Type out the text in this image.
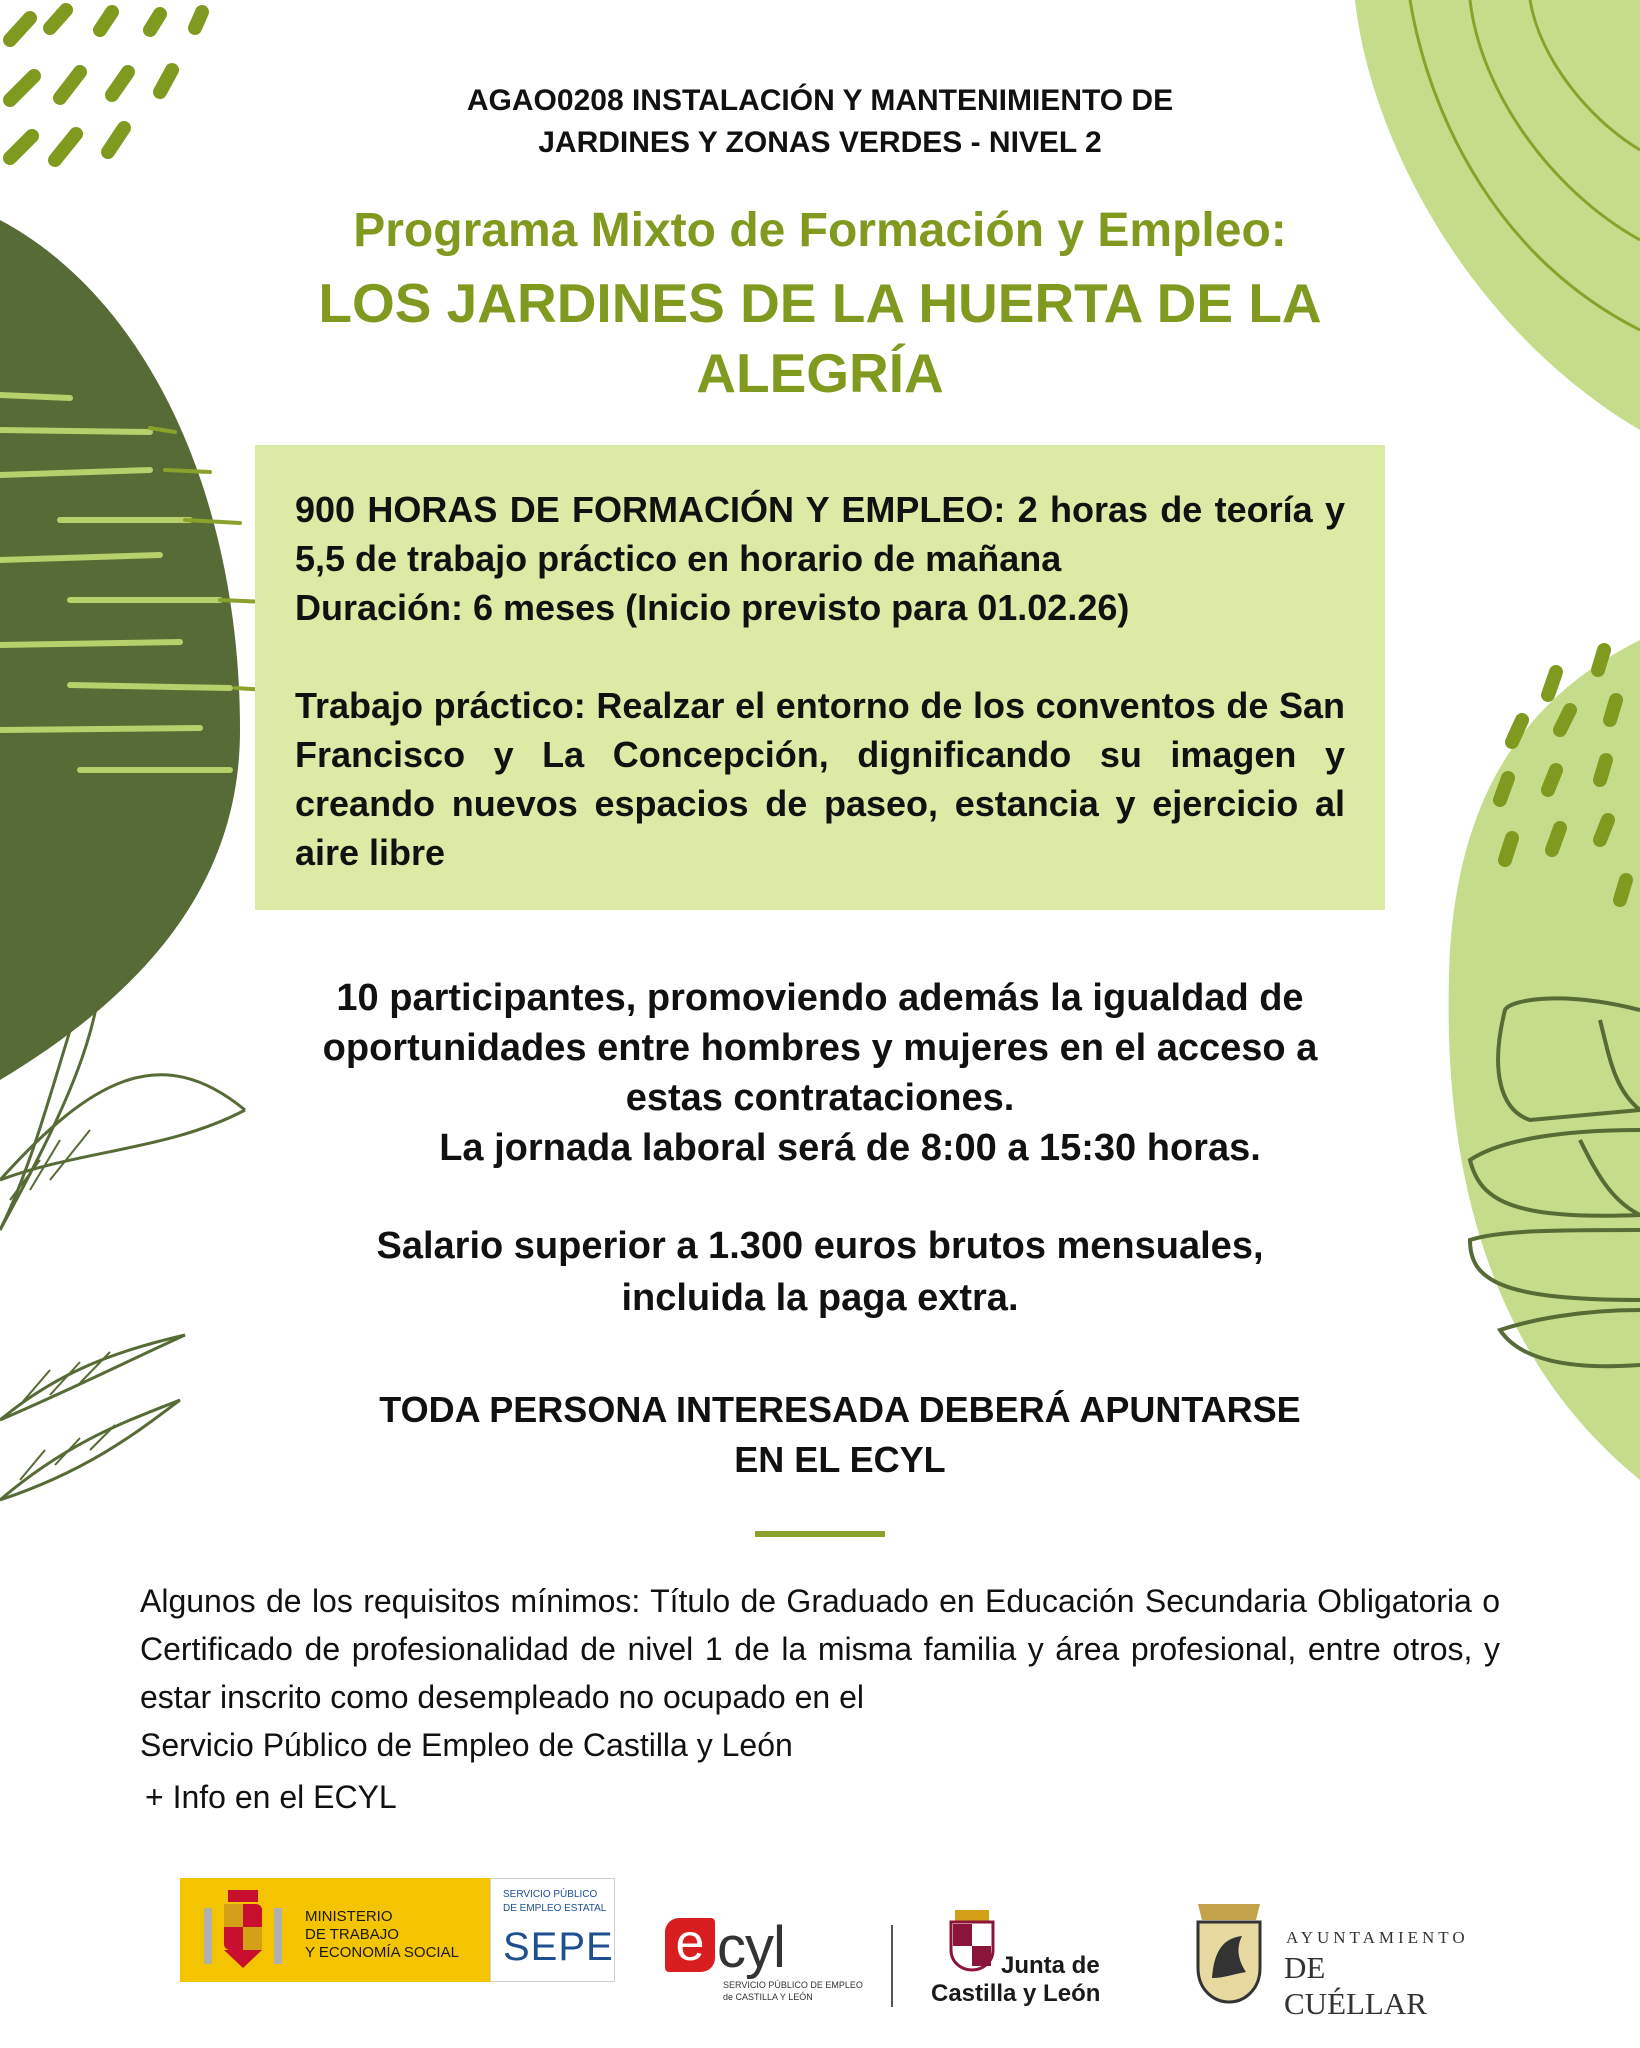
AGAO0208 INSTALACIÓN Y MANTENIMIENTO DE
JARDINES Y ZONAS VERDES - NIVEL 2
Programa Mixto de Formación y Empleo:
LOS JARDINES DE LA HUERTA DE LA
ALEGRÍA

900 HORAS DE FORMACIÓN Y EMPLEO: 2 horas de teoría y 5,5 de trabajo práctico en horario de mañana

Duración: 6 meses (Inicio previsto para 01.02.26)

Trabajo práctico: Realzar el entorno de los conventos de San Francisco y La Concepción, dignificando su imagen y creando nuevos espacios de paseo, estancia y ejercicio al aire libre

10 participantes, promoviendo además la igualdad de
oportunidades entre hombres y mujeres en el acceso a
estas contrataciones.
La jornada laboral será de 8:00 a 15:30 horas.
Salario superior a 1.300 euros brutos mensuales,
incluida la paga extra.
TODA PERSONA INTERESADA DEBERÁ APUNTARSE
EN EL ECYL
Algunos de los requisitos mínimos: Título de Graduado en Educación Secundaria Obligatoria o Certificado de profesionalidad de nivel 1 de la misma familia y área profesional, entre otros, y estar inscrito como desempleado no ocupado en el
Servicio Público de Empleo de Castilla y León
+ Info en el ECYL
MINISTERIO
DE TRABAJO
Y ECONOMÍA SOCIAL
SERVICIO PÚBLICO
DE EMPLEO ESTATAL
SEPE e cyl
SERVICIO PÚBLICO DE EMPLEO
de CASTILLA Y LEÓN
Junta de
Castilla y León
AYUNTAMIENTO
DE CUÉLLAR
